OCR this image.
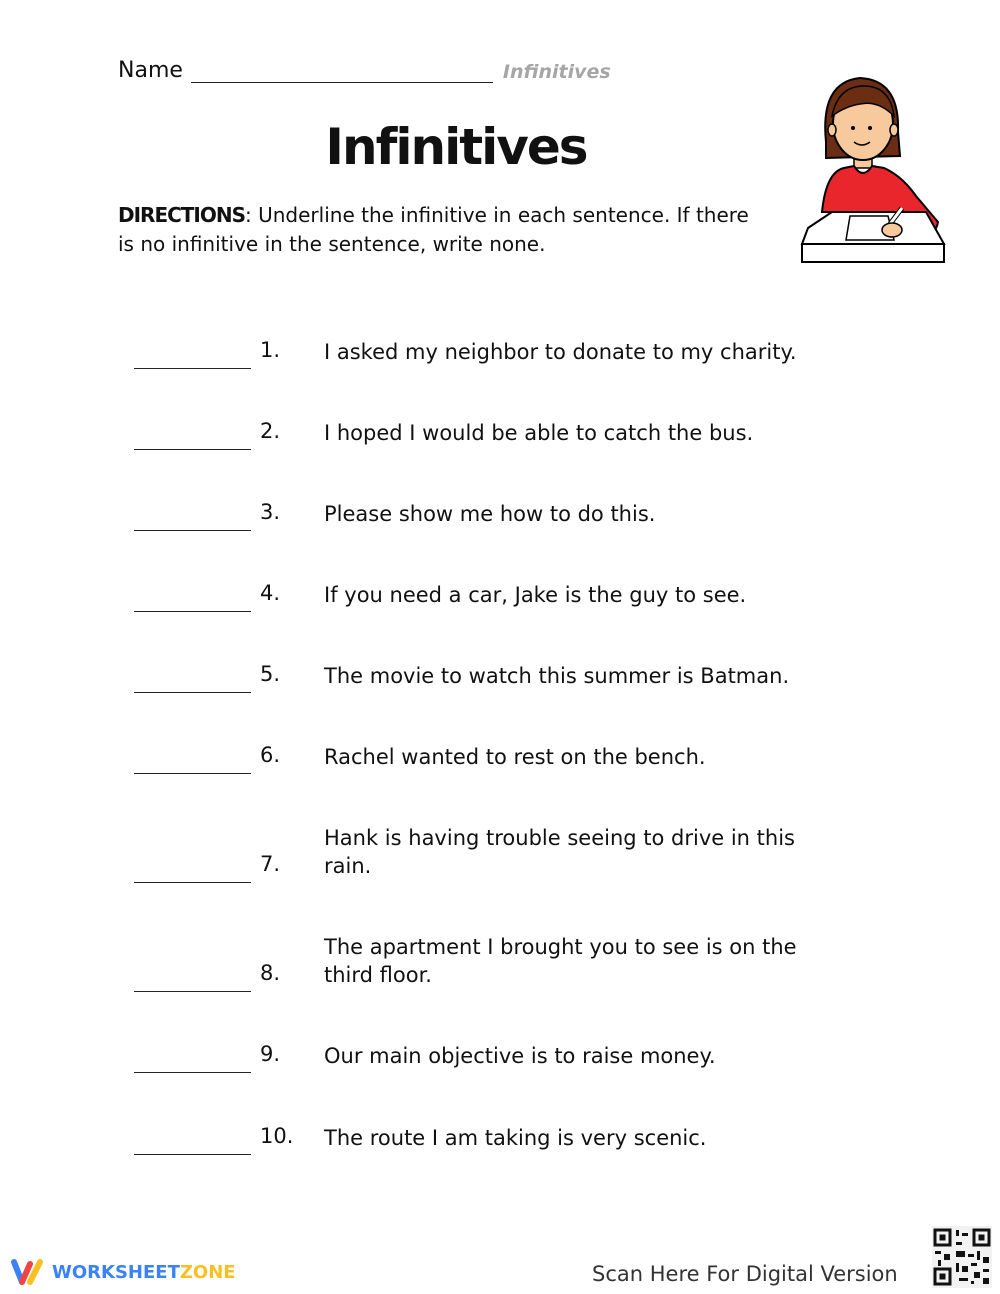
Name	Infinitives
Infinitives
DIRECTIONS: Underline the infinitive in each sentence. If there is no infinitive in the sentence, write none.
1. I asked my neighbor to donate to my charity.
2. I hoped I would be able to catch the bus.
3. Please show me how to do this.
4. If you need a car, Jake is the guy to see.
5. The movie to watch this summer is Batman.
6. Rachel wanted to rest on the bench.
7.
Hank is having trouble seeing to drive in this rain.
8.
The apartment I brought you to see is on the third floor.
9. Our main objective is to raise money.
10. The route I am taking is very scenic.
WORKSHEETZONE	Scan Here For Digital Version
